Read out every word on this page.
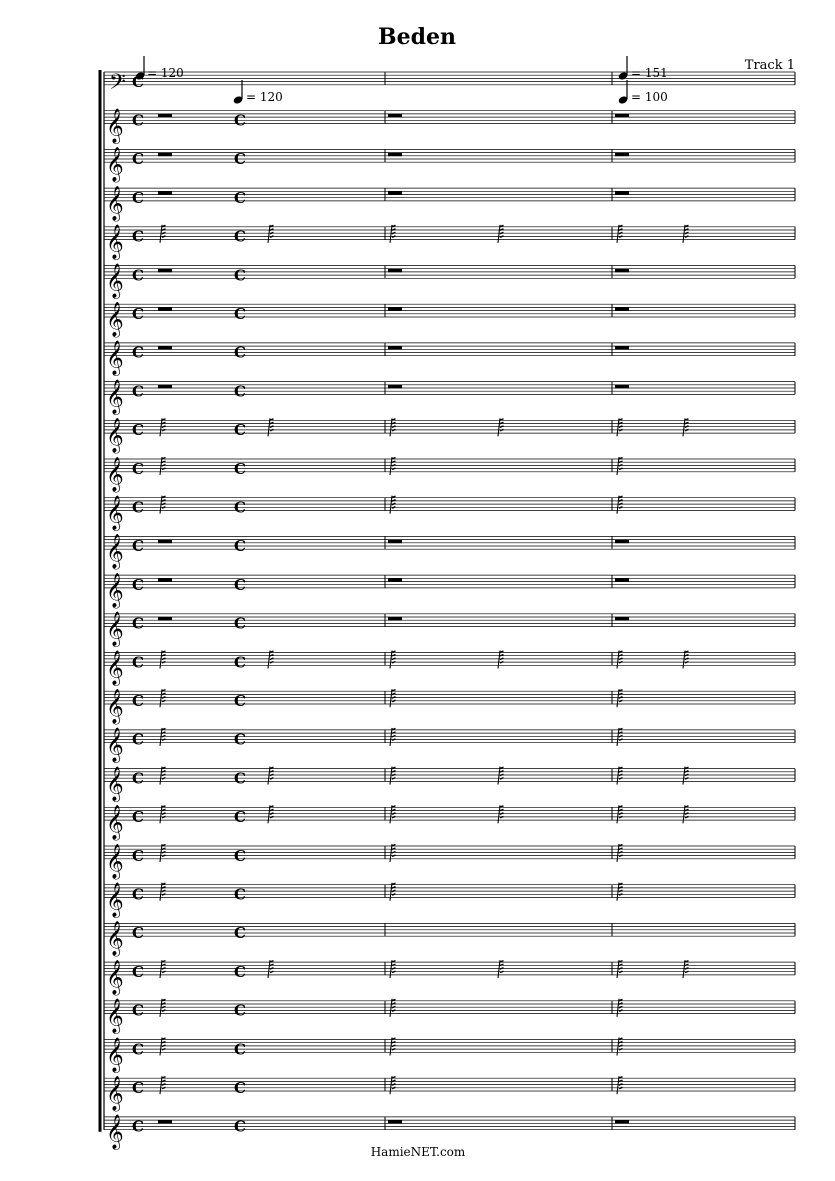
Beden
Track 1
= 120
= 120
= 151
= 100
𝄢 C
𝄞 C	C
𝄞 C	C
𝄞 C	C
𝄞 C	C
𝄞 C	C
𝄞 C	C
𝄞 C	C
𝄞 C	C
𝄞 C	C
𝄞 C	C
𝄞 C	C
𝄞 C	C
𝄞 C	C
𝄞 C	C
𝄞 C	C
𝄞 C	C
𝄞 C	C
𝄞 C	C
𝄞 C	C
𝄞 C	C
𝄞 C	C
𝄞 C	C
𝄞 C	C
𝄞 C	C
𝄞 C	C
𝄞 C	C
𝄞 C	C
HamieNET.com
